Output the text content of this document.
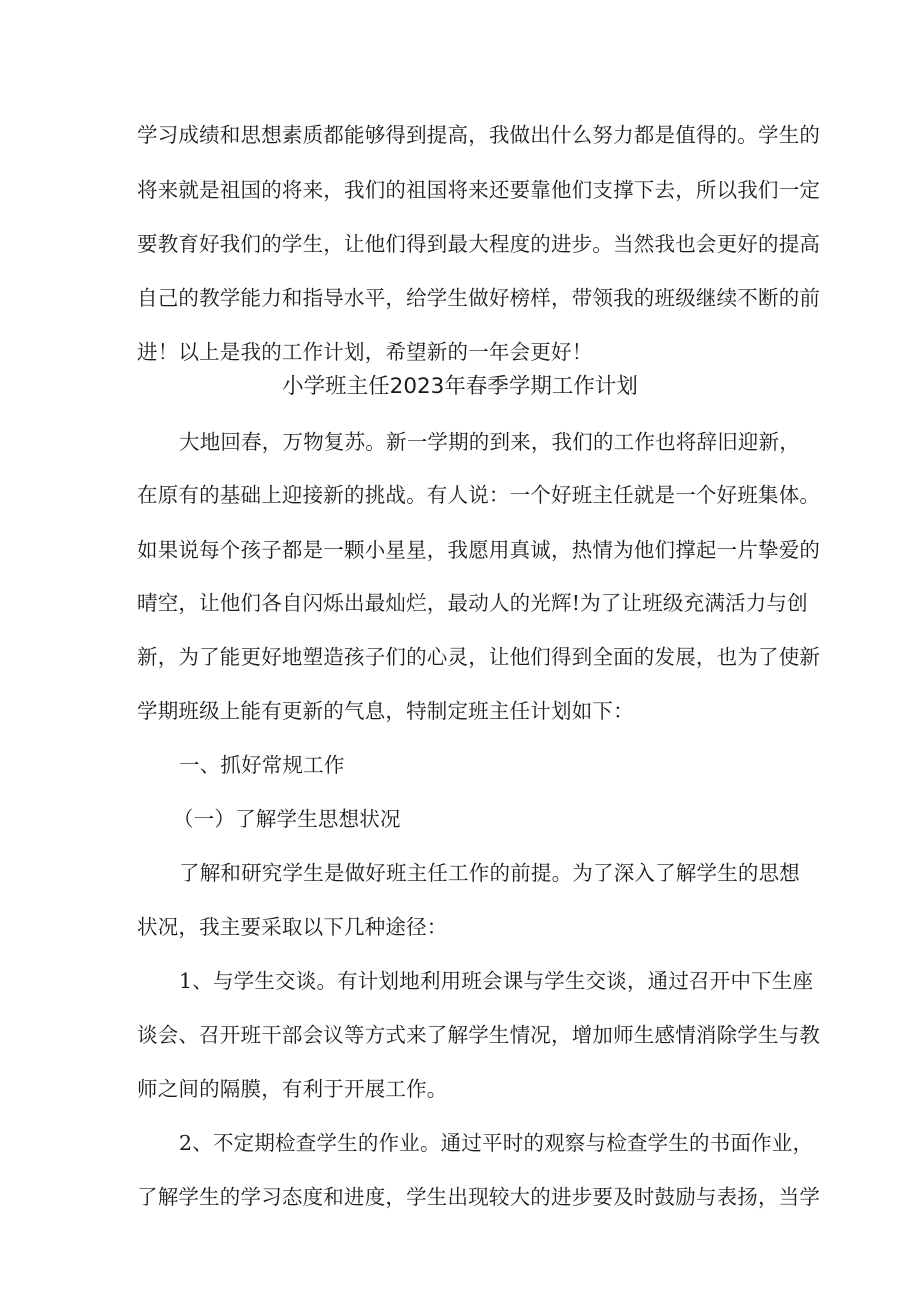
学习成绩和思想素质都能够得到提高，我做出什么努力都是值得的。学生的
将来就是祖国的将来，我们的祖国将来还要靠他们支撑下去，所以我们一定
要教育好我们的学生，让他们得到最大程度的进步。当然我也会更好的提高
自己的教学能力和指导水平，给学生做好榜样，带领我的班级继续不断的前
进！以上是我的工作计划，希望新的一年会更好！
小学班主任2023年春季学期工作计划
大地回春，万物复苏。新一学期的到来，我们的工作也将辞旧迎新，
在原有的基础上迎接新的挑战。有人说：一个好班主任就是一个好班集体。
如果说每个孩子都是一颗小星星，我愿用真诚，热情为他们撑起一片挚爱的
晴空，让他们各自闪烁出最灿烂，最动人的光辉!为了让班级充满活力与创
新，为了能更好地塑造孩子们的心灵，让他们得到全面的发展，也为了使新
学期班级上能有更新的气息，特制定班主任计划如下：
一、抓好常规工作
（一）了解学生思想状况
了解和研究学生是做好班主任工作的前提。为了深入了解学生的思想
状况，我主要采取以下几种途径：
1、与学生交谈。有计划地利用班会课与学生交谈，通过召开中下生座
谈会、召开班干部会议等方式来了解学生情况，增加师生感情消除学生与教
师之间的隔膜，有利于开展工作。
2、不定期检查学生的作业。通过平时的观察与检查学生的书面作业，
了解学生的学习态度和进度，学生出现较大的进步要及时鼓励与表扬，当学
